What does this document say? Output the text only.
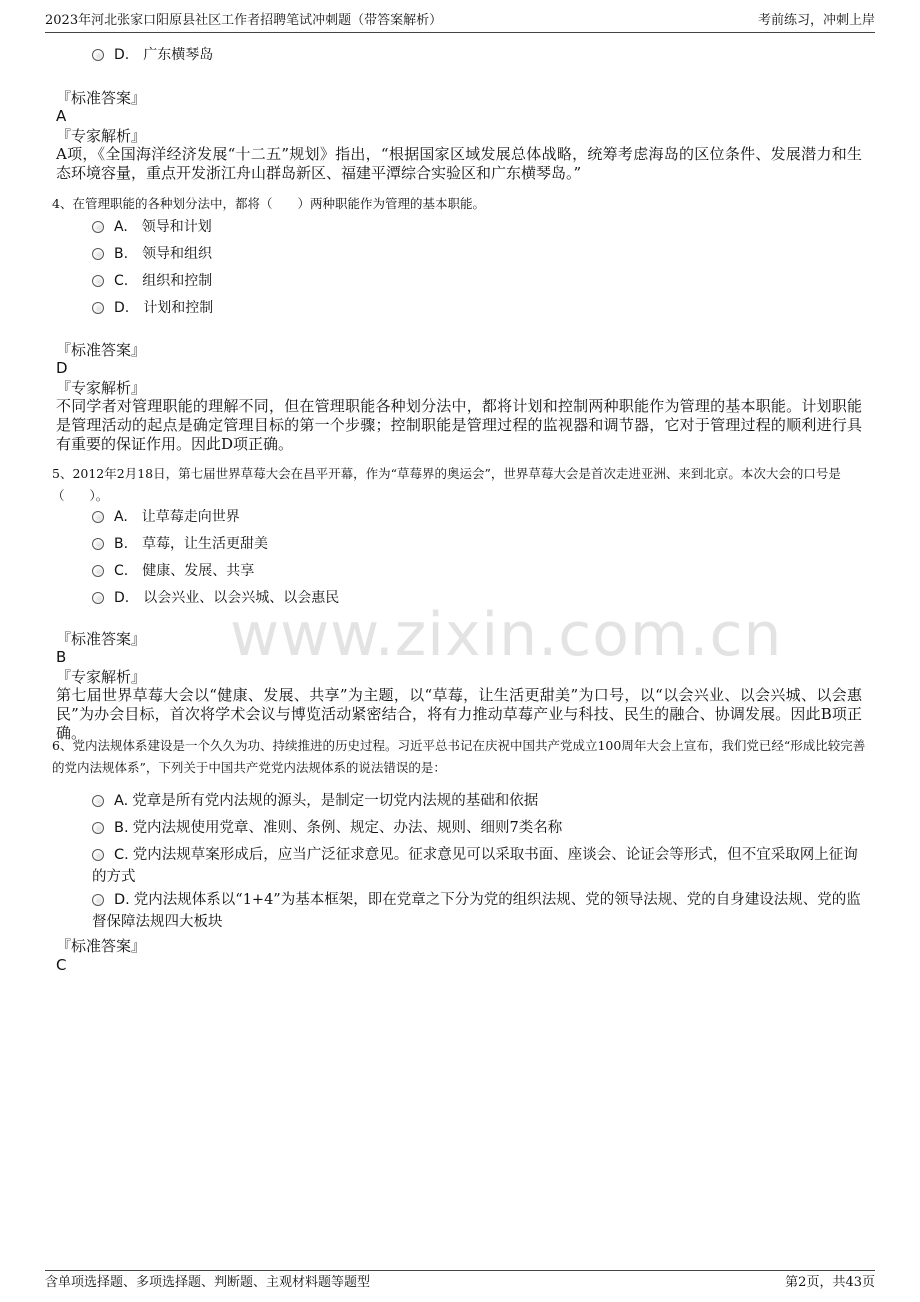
2023年河北张家口阳原县社区工作者招聘笔试冲刺题（带答案解析）	考前练习，冲刺上岸
www.zixin.com.cn
D. 广东横琴岛
『标准答案』
A
『专家解析』
A项，《全国海洋经济发展“十二五”规划》指出，“根据国家区域发展总体战略，统筹考虑海岛的区位条件、发展潜力和生态环境容量，重点开发浙江舟山群岛新区、福建平潭综合实验区和广东横琴岛。”
4、在管理职能的各种划分法中，都将（　　）两种职能作为管理的基本职能。
A. 领导和计划
B. 领导和组织
C. 组织和控制
D. 计划和控制
『标准答案』
D
『专家解析』
不同学者对管理职能的理解不同，但在管理职能各种划分法中，都将计划和控制两种职能作为管理的基本职能。计划职能是管理活动的起点是确定管理目标的第一个步骤；控制职能是管理过程的监视器和调节器，它对于管理过程的顺利进行具有重要的保证作用。因此D项正确。
5、2012年2月18日，第七届世界草莓大会在昌平开幕，作为“草莓界的奥运会”，世界草莓大会是首次走进亚洲、来到北京。本次大会的口号是（　　）。
A. 让草莓走向世界
B. 草莓，让生活更甜美
C. 健康、发展、共享
D. 以会兴业、以会兴城、以会惠民
『标准答案』
B
『专家解析』
第七届世界草莓大会以“健康、发展、共享”为主题，以“草莓，让生活更甜美”为口号，以“以会兴业、以会兴城、以会惠民”为办会目标，首次将学术会议与博览活动紧密结合，将有力推动草莓产业与科技、民生的融合、协调发展。因此B项正确。
6、党内法规体系建设是一个久久为功、持续推进的历史过程。习近平总书记在庆祝中国共产党成立100周年大会上宣布，我们党已经“形成比较完善的党内法规体系”，下列关于中国共产党党内法规体系的说法错误的是：
A. 党章是所有党内法规的源头，是制定一切党内法规的基础和依据
B. 党内法规使用党章、准则、条例、规定、办法、规则、细则7类名称
C. 党内法规草案形成后，应当广泛征求意见。征求意见可以采取书面、座谈会、论证会等形式，但不宜采取网上征询的方式
D. 党内法规体系以“1+4”为基本框架，即在党章之下分为党的组织法规、党的领导法规、党的自身建设法规、党的监督保障法规四大板块
『标准答案』
C
含单项选择题、多项选择题、判断题、主观材料题等题型	第2页，共43页
